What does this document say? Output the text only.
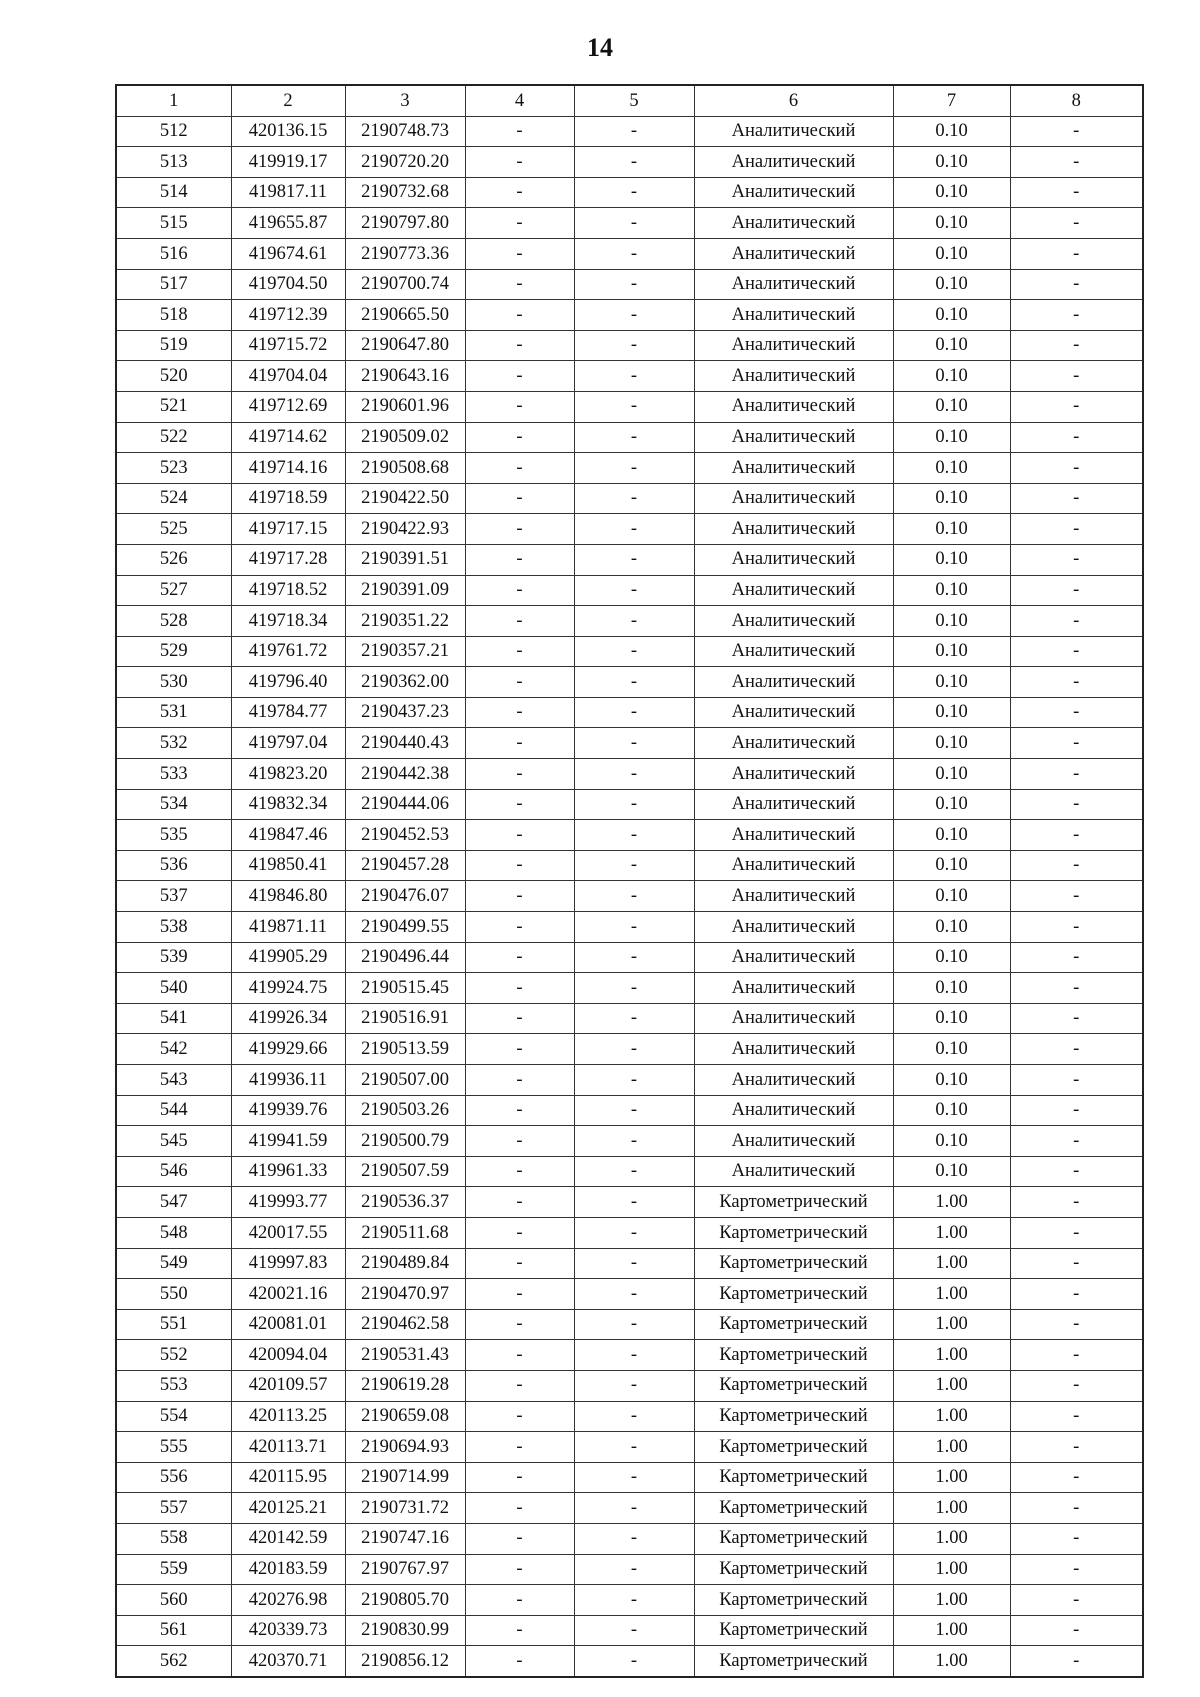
14
1	2	3	4	5	6	7	8
512	420136.15	2190748.73	-	-	Аналитический	0.10	-
513	419919.17	2190720.20	-	-	Аналитический	0.10	-
514	419817.11	2190732.68	-	-	Аналитический	0.10	-
515	419655.87	2190797.80	-	-	Аналитический	0.10	-
516	419674.61	2190773.36	-	-	Аналитический	0.10	-
517	419704.50	2190700.74	-	-	Аналитический	0.10	-
518	419712.39	2190665.50	-	-	Аналитический	0.10	-
519	419715.72	2190647.80	-	-	Аналитический	0.10	-
520	419704.04	2190643.16	-	-	Аналитический	0.10	-
521	419712.69	2190601.96	-	-	Аналитический	0.10	-
522	419714.62	2190509.02	-	-	Аналитический	0.10	-
523	419714.16	2190508.68	-	-	Аналитический	0.10	-
524	419718.59	2190422.50	-	-	Аналитический	0.10	-
525	419717.15	2190422.93	-	-	Аналитический	0.10	-
526	419717.28	2190391.51	-	-	Аналитический	0.10	-
527	419718.52	2190391.09	-	-	Аналитический	0.10	-
528	419718.34	2190351.22	-	-	Аналитический	0.10	-
529	419761.72	2190357.21	-	-	Аналитический	0.10	-
530	419796.40	2190362.00	-	-	Аналитический	0.10	-
531	419784.77	2190437.23	-	-	Аналитический	0.10	-
532	419797.04	2190440.43	-	-	Аналитический	0.10	-
533	419823.20	2190442.38	-	-	Аналитический	0.10	-
534	419832.34	2190444.06	-	-	Аналитический	0.10	-
535	419847.46	2190452.53	-	-	Аналитический	0.10	-
536	419850.41	2190457.28	-	-	Аналитический	0.10	-
537	419846.80	2190476.07	-	-	Аналитический	0.10	-
538	419871.11	2190499.55	-	-	Аналитический	0.10	-
539	419905.29	2190496.44	-	-	Аналитический	0.10	-
540	419924.75	2190515.45	-	-	Аналитический	0.10	-
541	419926.34	2190516.91	-	-	Аналитический	0.10	-
542	419929.66	2190513.59	-	-	Аналитический	0.10	-
543	419936.11	2190507.00	-	-	Аналитический	0.10	-
544	419939.76	2190503.26	-	-	Аналитический	0.10	-
545	419941.59	2190500.79	-	-	Аналитический	0.10	-
546	419961.33	2190507.59	-	-	Аналитический	0.10	-
547	419993.77	2190536.37	-	-	Картометрический	1.00	-
548	420017.55	2190511.68	-	-	Картометрический	1.00	-
549	419997.83	2190489.84	-	-	Картометрический	1.00	-
550	420021.16	2190470.97	-	-	Картометрический	1.00	-
551	420081.01	2190462.58	-	-	Картометрический	1.00	-
552	420094.04	2190531.43	-	-	Картометрический	1.00	-
553	420109.57	2190619.28	-	-	Картометрический	1.00	-
554	420113.25	2190659.08	-	-	Картометрический	1.00	-
555	420113.71	2190694.93	-	-	Картометрический	1.00	-
556	420115.95	2190714.99	-	-	Картометрический	1.00	-
557	420125.21	2190731.72	-	-	Картометрический	1.00	-
558	420142.59	2190747.16	-	-	Картометрический	1.00	-
559	420183.59	2190767.97	-	-	Картометрический	1.00	-
560	420276.98	2190805.70	-	-	Картометрический	1.00	-
561	420339.73	2190830.99	-	-	Картометрический	1.00	-
562	420370.71	2190856.12	-	-	Картометрический	1.00	-
